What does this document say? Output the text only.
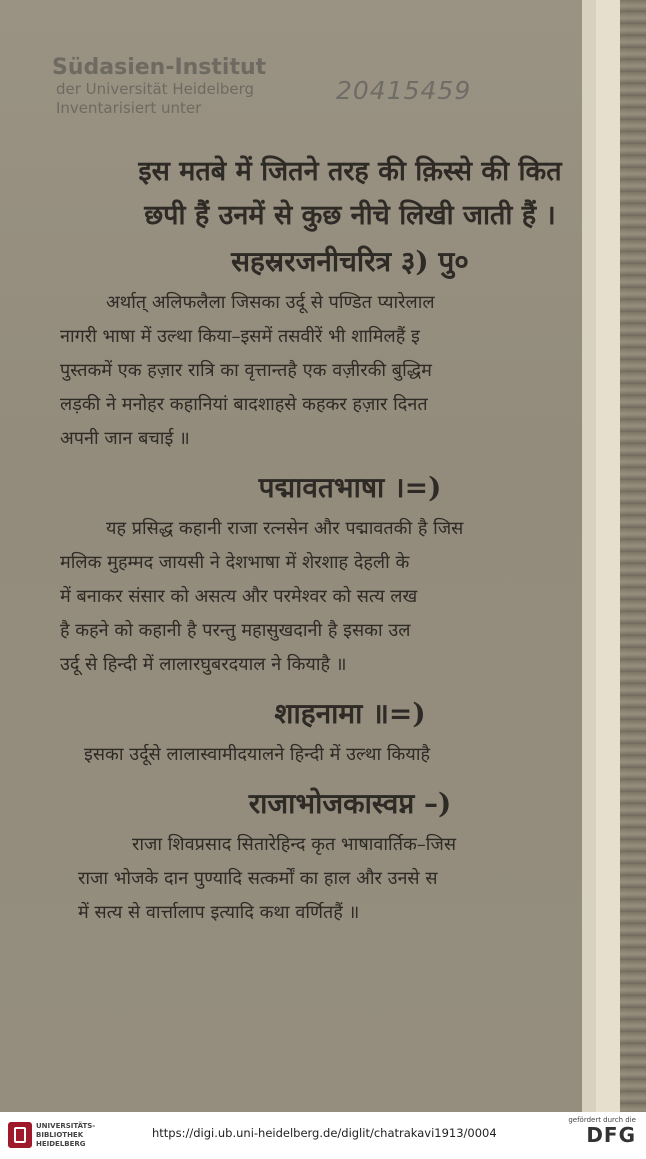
Südasien-Institut
der Universität Heidelberg
Inventarisiert unter
20415459
इस मतबे में जितने तरह की क़िस्से की कित
छपी हैं उनमें से कुछ नीचे लिखी जाती हैं ।
सहस्ररजनीचरित्र ३) पु०
अर्थात् अलिफलैला जिसका उर्दू से पण्डित प्यारेलाल
नागरी भाषा में उल्था किया–इसमें तसवीरें भी शामिलहैं इ
पुस्तकमें एक हज़ार रात्रि का वृत्तान्तहै एक वज़ीरकी बुद्धिम
लड़की ने मनोहर कहानियां बादशाहसे कहकर हज़ार दिनत
अपनी जान बचाई ॥
पद्मावतभाषा ।=)
यह प्रसिद्ध कहानी राजा रत्नसेन और पद्मावतकी है जिस
मलिक मुहम्मद जायसी ने देशभाषा में शेरशाह देहली के
में बनाकर संसार को असत्य और परमेश्वर को सत्य लख
है कहने को कहानी है परन्तु महासुखदानी है इसका उल
उर्दू से हिन्दी में लालारघुबरदयाल ने कियाहै ॥
शाहनामा ॥=)
इसका उर्दूसे लालास्वामीदयालने हिन्दी में उल्था कियाहै
राजाभोजकास्वप्न –)
राजा शिवप्रसाद सितारेहिन्द कृत भाषावार्तिक–जिस
राजा भोजके दान पुण्यादि सत्कर्मों का हाल और उनसे स
में सत्य से वार्त्तालाप इत्यादि कथा वर्णितहैं ॥
UNIVERSITÄTS-
BIBLIOTHEK
HEIDELBERG
https://digi.ub.uni-heidelberg.de/diglit/chatrakavi1913/0004
gefördert durch die
DFG
